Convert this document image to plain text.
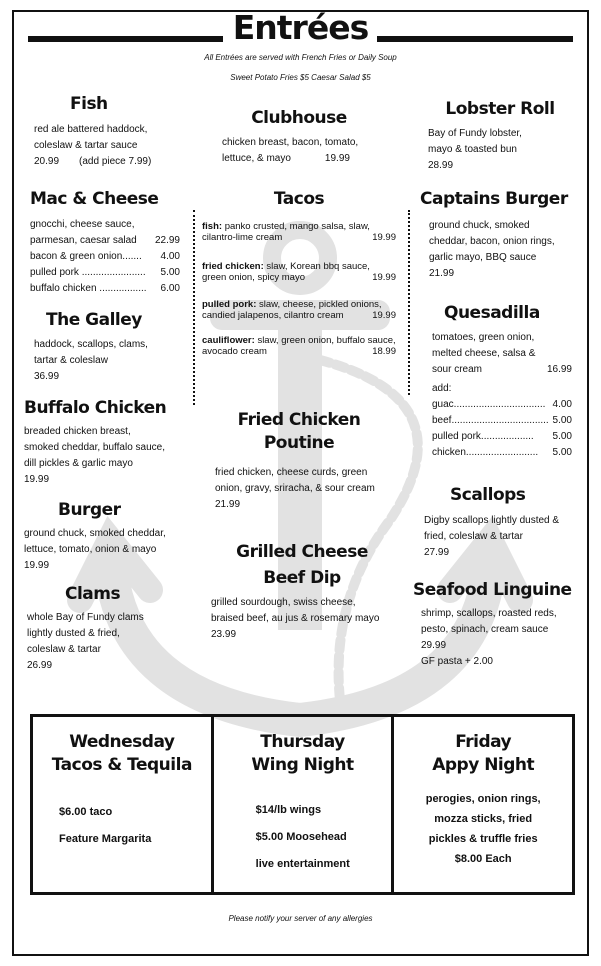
Entrées
All Entrées are served with French Fries or Daily Soup
Sweet Potato Fries $5 Caesar Salad $5
Fish
red ale battered haddock,
coleslaw & tartar sauce
20.99 (add piece 7.99)
Mac & Cheese
gnocchi, cheese sauce,
parmesan, caesar salad 22.99
bacon & green onion....... 4.00
pulled pork ....................... 5.00
buffalo chicken ................. 6.00
The Galley
haddock, scallops, clams,
tartar & coleslaw
36.99
Buffalo Chicken
breaded chicken breast,
smoked cheddar, buffalo sauce,
dill pickles & garlic mayo
19.99
Burger
ground chuck, smoked cheddar,
lettuce, tomato, onion & mayo
19.99
Clams
whole Bay of Fundy clams
lightly dusted & fried,
coleslaw & tartar
26.99
Clubhouse
chicken breast, bacon, tomato,
lettuce, & mayo	19.99
Tacos
fish: panko crusted, mango salsa, slaw, cilantro-lime cream	19.99
fried chicken: slaw, Korean bbq sauce, green onion, spicy mayo	19.99
pulled pork: slaw, cheese, pickled onions, candied jalapenos, cilantro cream	19.99
cauliflower: slaw, green onion, buffalo sauce, avocado cream	18.99
Fried Chicken
Poutine
fried chicken, cheese curds, green
onion, gravy, sriracha, & sour cream
21.99
Grilled Cheese
Beef Dip
grilled sourdough, swiss cheese,
braised beef, au jus & rosemary mayo
23.99
Lobster Roll
Bay of Fundy lobster,
mayo & toasted bun
28.99
Captains Burger
ground chuck, smoked
cheddar, bacon, onion rings,
garlic mayo, BBQ sauce
21.99
Quesadilla
tomatoes, green onion,
melted cheese, salsa &
sour cream	16.99
add:
guac................................. 4.00
beef................................... 5.00
pulled pork................... 5.00
chicken.......................... 5.00
Scallops
Digby scallops lightly dusted &
fried, coleslaw & tartar
27.99
Seafood Linguine
shrimp, scallops, roasted reds,
pesto, spinach, cream sauce
29.99
GF pasta + 2.00
Wednesday
Tacos & Tequila
$6.00 taco
Feature Margarita
Thursday
Wing Night
$14/lb wings
$5.00 Moosehead
live entertainment
Friday
Appy Night
perogies, onion rings,
mozza sticks, fried
pickles & truffle fries
$8.00 Each
Please notify your server of any allergies
